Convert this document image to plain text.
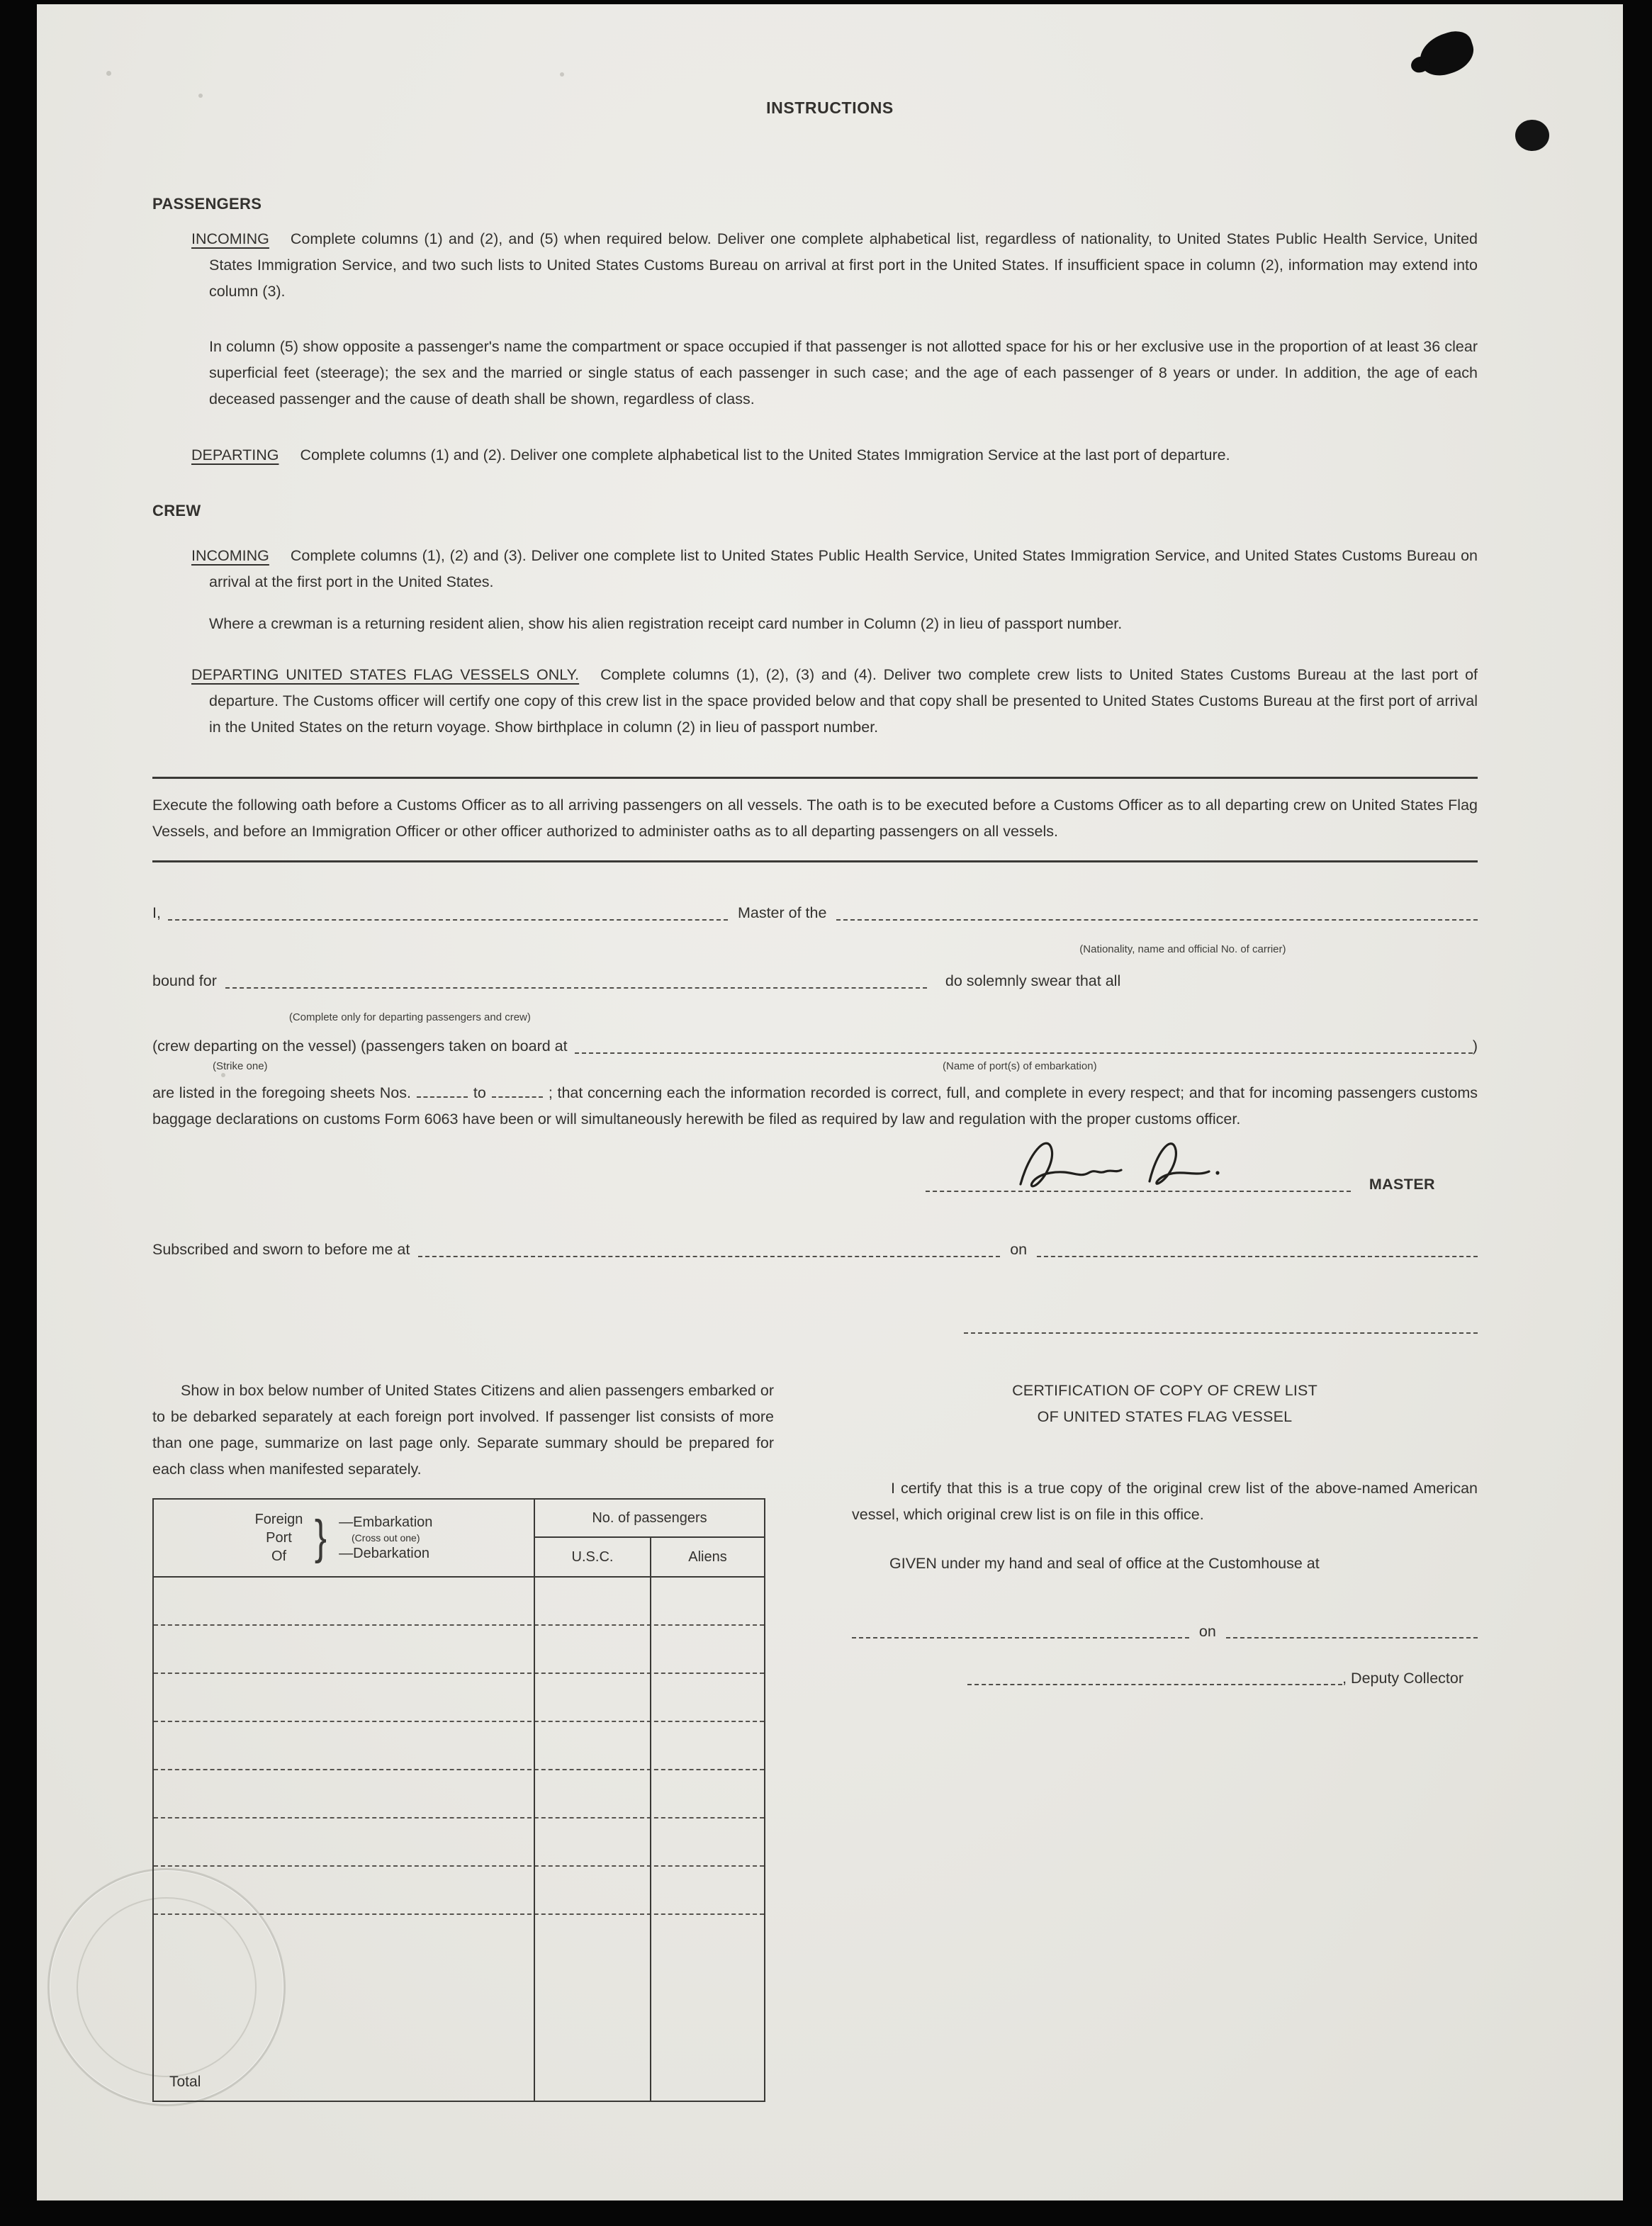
INSTRUCTIONS
PASSENGERS
INCOMING Complete columns (1) and (2), and (5) when required below. Deliver one complete alphabetical list, regardless of nationality, to United States Public Health Service, United States Immigration Service, and two such lists to United States Customs Bureau on arrival at first port in the United States. If insufficient space in column (2), information may extend into column (3).
In column (5) show opposite a passenger's name the compartment or space occupied if that passenger is not allotted space for his or her exclusive use in the proportion of at least 36 clear superficial feet (steerage); the sex and the married or single status of each passenger in such case; and the age of each passenger of 8 years or under. In addition, the age of each deceased passenger and the cause of death shall be shown, regardless of class.
DEPARTING Complete columns (1) and (2). Deliver one complete alphabetical list to the United States Immigration Service at the last port of departure.
CREW
INCOMING Complete columns (1), (2) and (3). Deliver one complete list to United States Public Health Service, United States Immigration Service, and United States Customs Bureau on arrival at the first port in the United States.
Where a crewman is a returning resident alien, show his alien registration receipt card number in Column (2) in lieu of passport number.
DEPARTING UNITED STATES FLAG VESSELS ONLY. Complete columns (1), (2), (3) and (4). Deliver two complete crew lists to United States Customs Bureau at the last port of departure. The Customs officer will certify one copy of this crew list in the space provided below and that copy shall be presented to United States Customs Bureau at the first port of arrival in the United States on the return voyage. Show birthplace in column (2) in lieu of passport number.
Execute the following oath before a Customs Officer as to all arriving passengers on all vessels. The oath is to be executed before a Customs Officer as to all departing crew on United States Flag Vessels, and before an Immigration Officer or other officer authorized to administer oaths as to all departing passengers on all vessels.
I,	Master of the
(Nationality, name and official No. of carrier)
bound for
(Complete only for departing passengers and crew)
do solemnly swear that all
(crew departing on the vessel) (passengers taken on board at	)
(Strike one)	(Name of port(s) of embarkation)
are listed in the foregoing sheets Nos.	to	; that concerning each the information recorded is correct, full, and complete in every respect; and that for incoming passengers customs baggage declarations on customs Form 6063 have been or will simultaneously herewith be filed as required by law and regulation with the proper customs officer.
MASTER
Subscribed and sworn to before me at	on
Show in box below number of United States Citizens and alien passengers embarked or to be debarked separately at each foreign port involved. If passenger list consists of more than one page, summarize on last page only. Separate summary should be prepared for each class when manifested separately.
Foreign
Port
Of } —Embarkation
(Cross out one)
—Debarkation
No. of passengers
U.S.C.	Aliens
Total
CERTIFICATION OF COPY OF CREW LIST
OF UNITED STATES FLAG VESSEL
I certify that this is a true copy of the original crew list of the above-named American vessel, which original crew list is on file in this office.
GIVEN under my hand and seal of office at the Customhouse at
on
, Deputy Collector
